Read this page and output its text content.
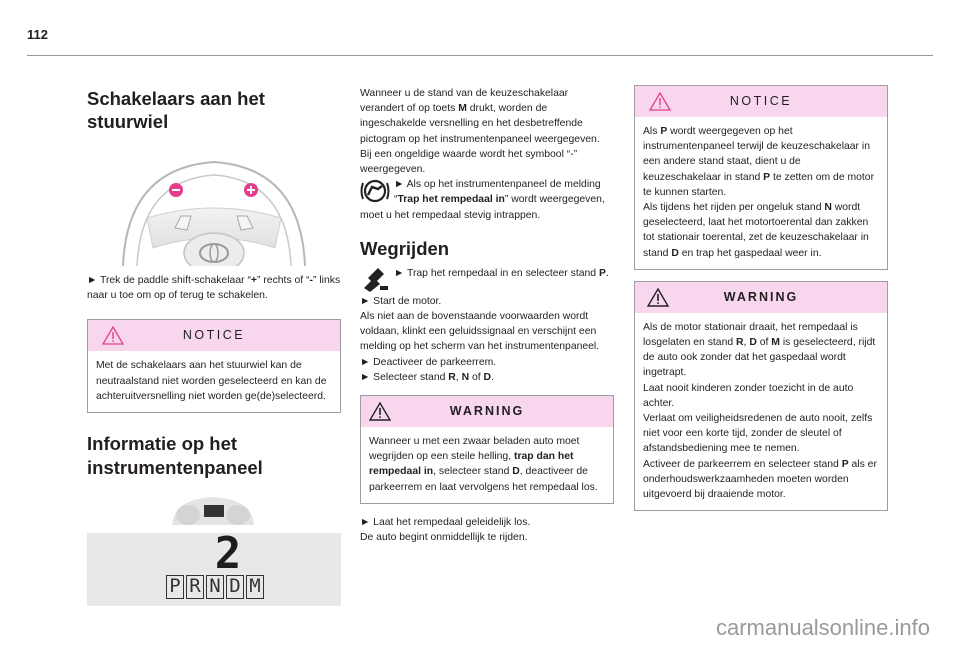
112
Schakelaars aan het stuurwiel

► Trek de paddle shift-schakelaar “+” rechts of “-” links naar u toe om op of terug te schakelen.

NOTICE
Met de schakelaars aan het stuurwiel kan de neutraalstand niet worden geselecteerd en kan de achteruitversnelling niet worden ge(de)selecteerd.
Informatie op het
instrumentenpaneel
2
P R N D M

Wanneer u de stand van de keuzeschakelaar verandert of op toets M drukt, worden de ingeschakelde versnelling en het desbetreffende pictogram op het instrumentenpaneel weergegeven.

Bij een ongeldige waarde wordt het symbool “-” weergegeven.

► Als op het instrumentenpaneel de melding “Trap het rempedaal in” wordt weergegeven, moet u het rempedaal stevig intrappen.

Wegrijden

► Trap het rempedaal in en selecteer stand P.

► Start de motor.

Als niet aan de bovenstaande voorwaarden wordt voldaan, klinkt een geluidssignaal en verschijnt een melding op het scherm van het instrumentenpaneel.

► Deactiveer de parkeerrem.

► Selecteer stand R, N of D.

WARNING
Wanneer u met een zwaar beladen auto moet wegrijden op een steile helling, trap dan het rempedaal in, selecteer stand D, deactiveer de parkeerrem en laat vervolgens het rempedaal los.

► Laat het rempedaal geleidelijk los.

De auto begint onmiddellijk te rijden.

NOTICE

Als P wordt weergegeven op het instrumentenpaneel terwijl de keuzeschakelaar in een andere stand staat, dient u de keuzeschakelaar in stand P te zetten om de motor te kunnen starten.

Als tijdens het rijden per ongeluk stand N wordt geselecteerd, laat het motortoerental dan zakken tot stationair toerental, zet de keuzeschakelaar in stand D en trap het gaspedaal weer in.

WARNING

Als de motor stationair draait, het rempedaal is losgelaten en stand R, D of M is geselecteerd, rijdt de auto ook zonder dat het gaspedaal wordt ingetrapt.

Laat nooit kinderen zonder toezicht in de auto achter.

Verlaat om veiligheidsredenen de auto nooit, zelfs niet voor een korte tijd, zonder de sleutel of afstandsbediening mee te nemen.

Activeer de parkeerrem en selecteer stand P als er onderhoudswerkzaamheden moeten worden uitgevoerd bij draaiende motor.

carmanualsonline.info
